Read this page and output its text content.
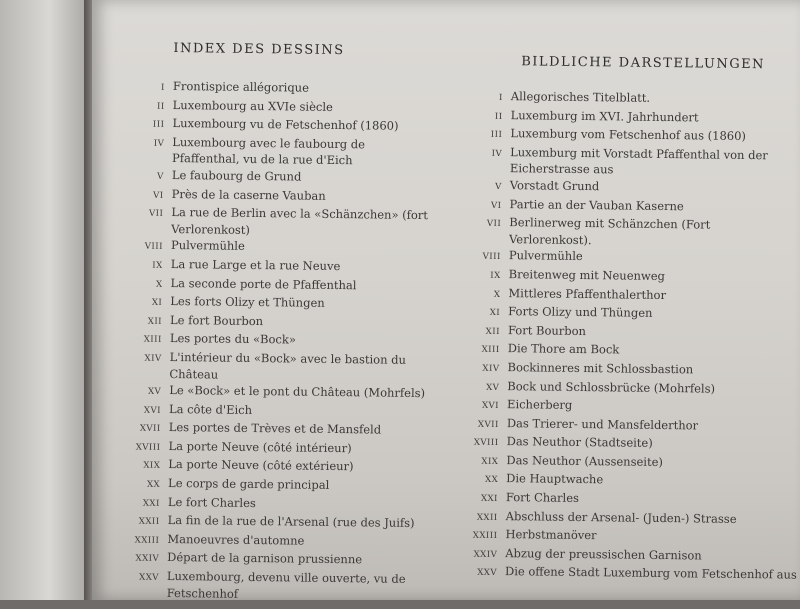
INDEX DES DESSINS
BILDLICHE DARSTELLUNGEN
I Frontispice allégorique
II Luxembourg au XVIe siècle
III Luxembourg vu de Fetschenhof (1860)
IV Luxembourg avec le faubourg de Pfaffenthal, vu de la rue d'Eich
V Le faubourg de Grund
VI Près de la caserne Vauban
VII La rue de Berlin avec la «Schänzchen» (fort Verlorenkost)
VIII Pulvermühle
IX La rue Large et la rue Neuve
X La seconde porte de Pfaffenthal
XI Les forts Olizy et Thüngen
XII Le fort Bourbon
XIII Les portes du «Bock»
XIV L'intérieur du «Bock» avec le bastion du Château
XV Le «Bock» et le pont du Château (Mohrfels)
XVI La côte d'Eich
XVII Les portes de Trèves et de Mansfeld
XVIII La porte Neuve (côté intérieur)
XIX La porte Neuve (côté extérieur)
XX Le corps de garde principal
XXI Le fort Charles
XXII La fin de la rue de l'Arsenal (rue des Juifs)
XXIII Manoeuvres d'automne
XXIV Départ de la garnison prussienne
XXV Luxembourg, devenu ville ouverte, vu de Fetschenhof
I Allegorisches Titelblatt.
II Luxemburg im XVI. Jahrhundert
III Luxemburg vom Fetschenhof aus (1860)
IV Luxemburg mit Vorstadt Pfaffenthal von der Eicherstrasse aus
V Vorstadt Grund
VI Partie an der Vauban Kaserne
VII Berlinerweg mit Schänzchen (Fort Verlorenkost).
VIII Pulvermühle
IX Breitenweg mit Neuenweg
X Mittleres Pfaffenthalerthor
XI Forts Olizy und Thüngen
XII Fort Bourbon
XIII Die Thore am Bock
XIV Bockinneres mit Schlossbastion
XV Bock und Schlossbrücke (Mohrfels)
XVI Eicherberg
XVII Das Trierer- und Mansfelderthor
XVIII Das Neuthor (Stadtseite)
XIX Das Neuthor (Aussenseite)
XX Die Hauptwache
XXI Fort Charles
XXII Abschluss der Arsenal- (Juden-) Strasse
XXIII Herbstmanöver
XXIV Abzug der preussischen Garnison
XXV Die offene Stadt Luxemburg vom Fetschenhof aus
